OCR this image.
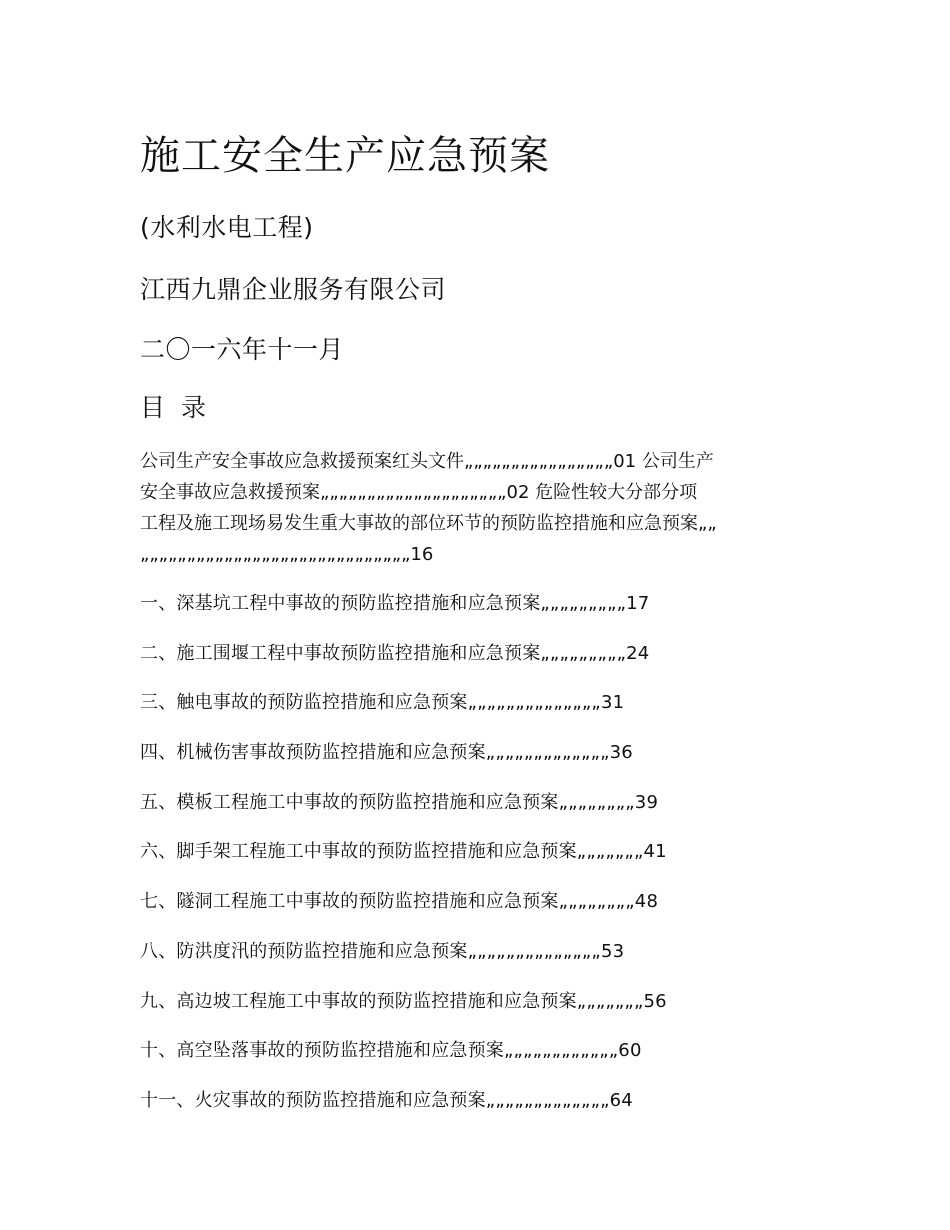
施工安全生产应急预案
(水利水电工程)
江西九鼎企业服务有限公司
二〇一六年十一月
目 录
公司生产安全事故应急救援预案红头文件„„„„„„„„„„„„„„„„01 公司生产
安全事故应急救援预案„„„„„„„„„„„„„„„„„„„„02 危险性较大分部分项
工程及施工现场易发生重大事故的部位环节的预防监控措施和应急预案„„
„„„„„„„„„„„„„„„„„„„„„„„„„„„„„16
一、深基坑工程中事故的预防监控措施和应急预案„„„„„„„„„17
二、施工围堰工程中事故预防监控措施和应急预案„„„„„„„„„24
三、触电事故的预防监控措施和应急预案„„„„„„„„„„„„„„31
四、机械伤害事故预防监控措施和应急预案„„„„„„„„„„„„„36
五、模板工程施工中事故的预防监控措施和应急预案„„„„„„„„39
六、脚手架工程施工中事故的预防监控措施和应急预案„„„„„„„41
七、隧洞工程施工中事故的预防监控措施和应急预案„„„„„„„„48
八、防洪度汛的预防监控措施和应急预案„„„„„„„„„„„„„„53
九、高边坡工程施工中事故的预防监控措施和应急预案„„„„„„„56
十、高空坠落事故的预防监控措施和应急预案„„„„„„„„„„„„60
十一、火灾事故的预防监控措施和应急预案„„„„„„„„„„„„„64
